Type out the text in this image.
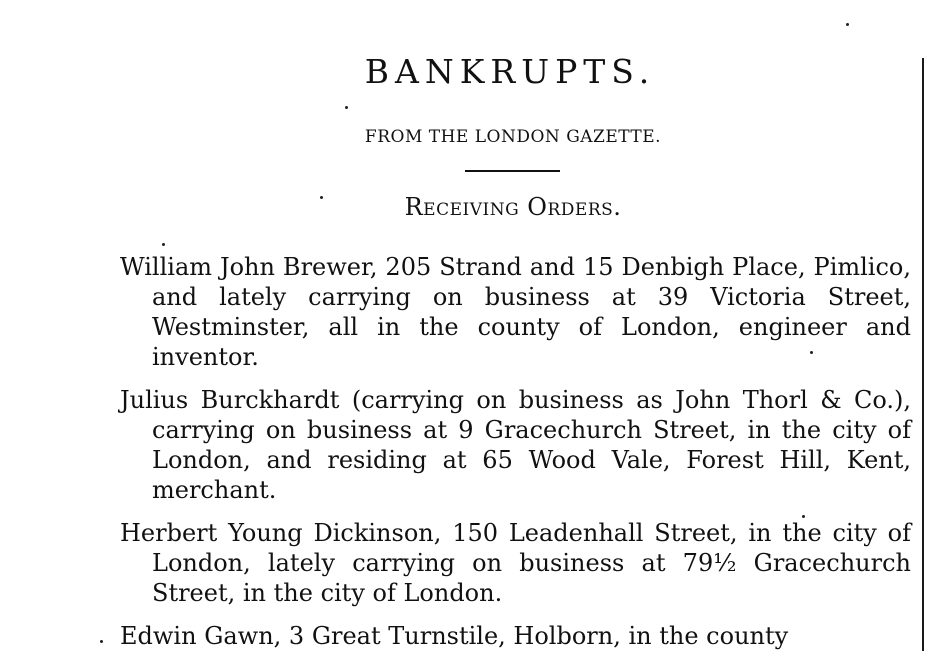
BANKRUPTS.
FROM THE LONDON GAZETTE.
Receiving Orders.

William John Brewer, 205 Strand and 15 Denbigh Place, Pimlico, and lately carrying on business at 39 Victoria Street, Westminster, all in the county of London, engineer and inventor.

Julius Burckhardt (carrying on business as John Thorl & Co.), carrying on business at 9 Gracechurch Street, in the city of London, and residing at 65 Wood Vale, Forest Hill, Kent, merchant.

Herbert Young Dickinson, 150 Leadenhall Street, in the city of London, lately carrying on business at 79½ Gracechurch Street, in the city of London.

Edwin Gawn, 3 Great Turnstile, Holborn, in the county
